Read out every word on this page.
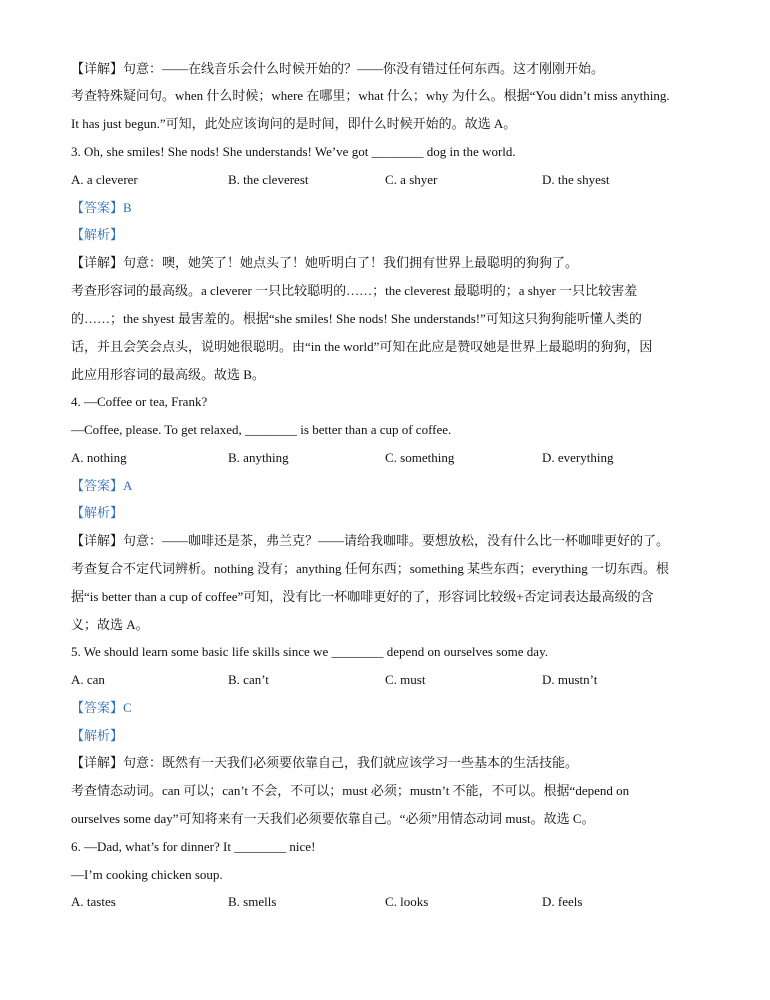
【详解】句意：——在线音乐会什么时候开始的？——你没有错过任何东西。这才刚刚开始。
考查特殊疑问句。when 什么时候；where 在哪里；what 什么；why 为什么。根据“You didn’t miss anything.
It has just begun.”可知，此处应该询问的是时间，即什么时候开始的。故选 A。
3. Oh, she smiles! She nods! She understands! We’ve got ________ dog in the world.
A. a cleverer	B. the cleverest	C. a shyer	D. the shyest
【答案】B
【解析】
【详解】句意：噢，她笑了！她点头了！她听明白了！我们拥有世界上最聪明的狗狗了。
考查形容词的最高级。a cleverer 一只比较聪明的……；the cleverest 最聪明的；a shyer 一只比较害羞
的……；the shyest 最害羞的。根据“she smiles! She nods! She understands!”可知这只狗狗能听懂人类的
话，并且会笑会点头，说明她很聪明。由“in the world”可知在此应是赞叹她是世界上最聪明的狗狗，因
此应用形容词的最高级。故选 B。
4. —Coffee or tea, Frank?
—Coffee, please. To get relaxed, ________ is better than a cup of coffee.
A. nothing	B. anything	C. something	D. everything
【答案】A
【解析】
【详解】句意：——咖啡还是茶，弗兰克？——请给我咖啡。要想放松，没有什么比一杯咖啡更好的了。
考查复合不定代词辨析。nothing 没有；anything 任何东西；something 某些东西；everything 一切东西。根
据“is better than a cup of coffee”可知，没有比一杯咖啡更好的了，形容词比较级+否定词表达最高级的含
义；故选 A。
5. We should learn some basic life skills since we ________ depend on ourselves some day.
A. can	B. can’t	C. must	D. mustn’t
【答案】C
【解析】
【详解】句意：既然有一天我们必须要依靠自己，我们就应该学习一些基本的生活技能。
考查情态动词。can 可以；can’t 不会，不可以；must 必须；mustn’t 不能，不可以。根据“depend on
ourselves some day”可知将来有一天我们必须要依靠自己。“必须”用情态动词 must。故选 C。
6. —Dad, what’s for dinner? It ________ nice!
—I’m cooking chicken soup.
A. tastes	B. smells	C. looks	D. feels
